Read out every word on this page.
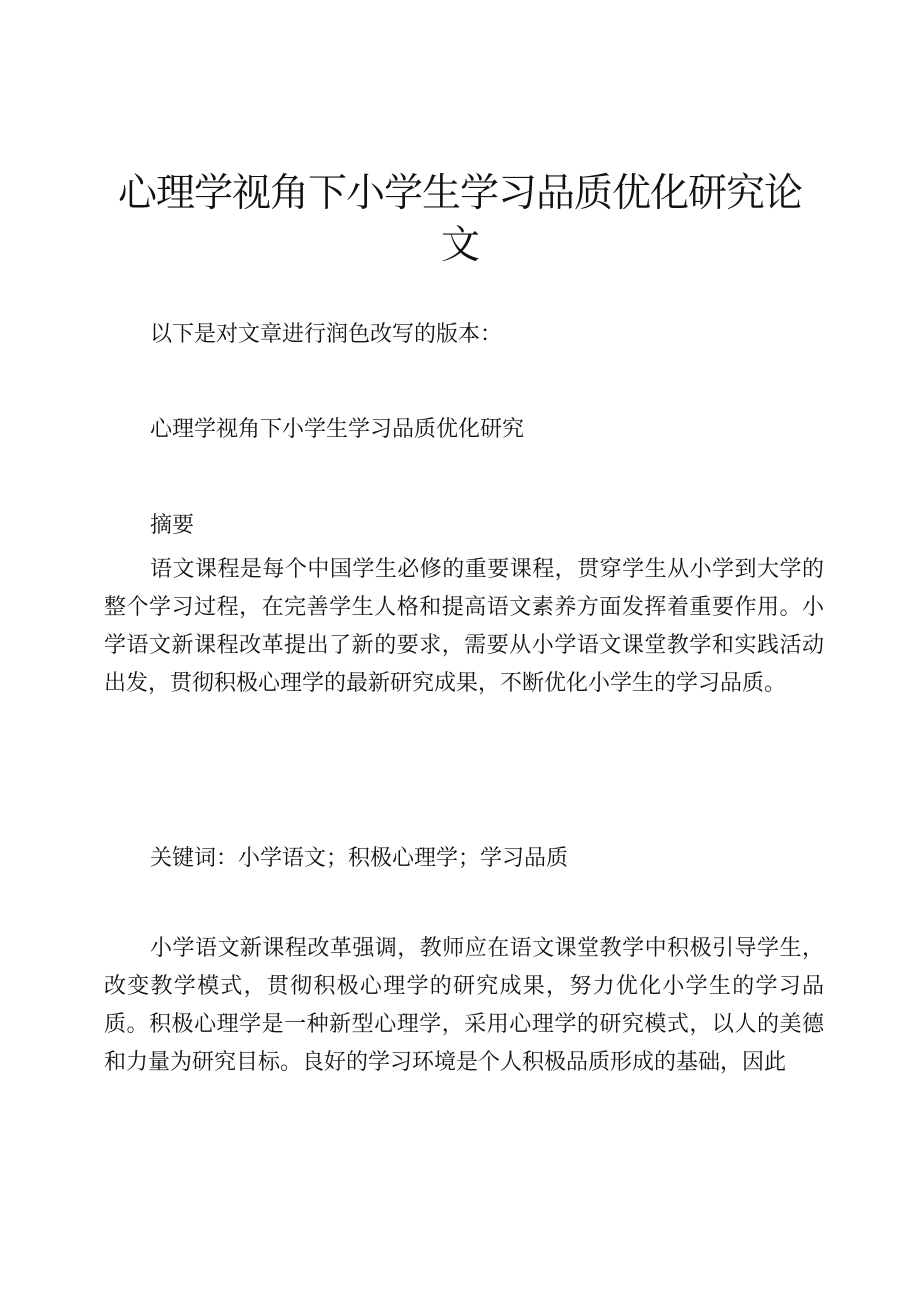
心理学视角下小学生学习品质优化研究论文

以下是对文章进行润色改写的版本：

心理学视角下小学生学习品质优化研究

摘要

语文课程是每个中国学生必修的重要课程，贯穿学生从小学到大学的整个学习过程，在完善学生人格和提高语文素养方面发挥着重要作用。小学语文新课程改革提出了新的要求，需要从小学语文课堂教学和实践活动出发，贯彻积极心理学的最新研究成果，不断优化小学生的学习品质。

关键词：小学语文；积极心理学；学习品质

小学语文新课程改革强调，教师应在语文课堂教学中积极引导学生，改变教学模式，贯彻积极心理学的研究成果，努力优化小学生的学习品质。积极心理学是一种新型心理学，采用心理学的研究模式，以人的美德和力量为研究目标。良好的学习环境是个人积极品质形成的基础，因此
